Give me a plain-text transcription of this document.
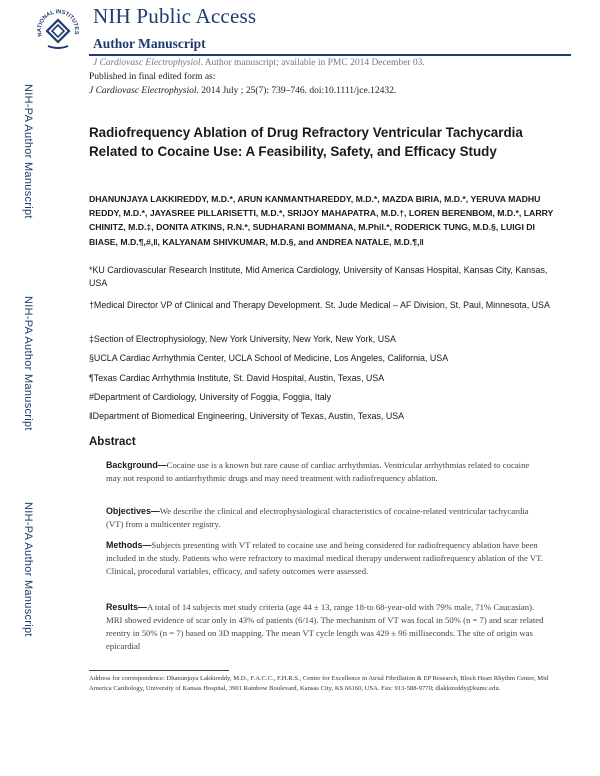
NATIONAL INSTITUTES
NIH Public Access
Author Manuscript
J Cardiovasc Electrophysiol. Author manuscript; available in PMC 2014 December 03.
Published in final edited form as:
J Cardiovasc Electrophysiol. 2014 July ; 25(7): 739–746. doi:10.1111/jce.12432.
NIH-PA Author Manuscript
NIH-PA Author Manuscript
NIH-PA Author Manuscript
Radiofrequency Ablation of Drug Refractory Ventricular Tachycardia Related to Cocaine Use: A Feasibility, Safety, and Efficacy Study
DHANUNJAYA LAKKIREDDY, M.D.*, ARUN KANMANTHAREDDY, M.D.*, MAZDA BIRIA, M.D.*, YERUVA MADHU REDDY, M.D.*, JAYASREE PILLARISETTI, M.D.*, SRIJOY MAHAPATRA, M.D.†, LOREN BERENBOM, M.D.*, LARRY CHINITZ, M.D.‡, DONITA ATKINS, R.N.*, SUDHARANI BOMMANA, M.Phil.*, RODERICK TUNG, M.D.§, LUIGI DI BIASE, M.D.¶,#,‖, KALYANAM SHIVKUMAR, M.D.§, and ANDREA NATALE, M.D.¶,‖
*KU Cardiovascular Research Institute, Mid America Cardiology, University of Kansas Hospital, Kansas City, Kansas, USA
†Medical Director VP of Clinical and Therapy Development. St. Jude Medical – AF Division, St. Paul, Minnesota, USA
‡Section of Electrophysiology, New York University, New York, New York, USA
§UCLA Cardiac Arrhythmia Center, UCLA School of Medicine, Los Angeles, California, USA
¶Texas Cardiac Arrhythmia Institute, St. David Hospital, Austin, Texas, USA
#Department of Cardiology, University of Foggia, Foggia, Italy
‖Department of Biomedical Engineering, University of Texas, Austin, Texas, USA
Abstract
Background—Cocaine use is a known but rare cause of cardiac arrhythmias. Ventricular arrhythmias related to cocaine may not respond to antiarrhythmic drugs and may need treatment with radiofrequency ablation.
Objectives—We describe the clinical and electrophysiological characteristics of cocaine-related ventricular tachycardia (VT) from a multicenter registry.
Methods—Subjects presenting with VT related to cocaine use and being considered for radiofrequency ablation have been included in the study. Patients who were refractory to maximal medical therapy underwent radiofrequency ablation of the VT. Clinical, procedural variables, efficacy, and safety outcomes were assessed.
Results—A total of 14 subjects met study criteria (age 44 ± 13, range 18-to 68-year-old with 79% male, 71% Caucasian). MRI showed evidence of scar only in 43% of patients (6/14). The mechanism of VT was focal in 50% (n = 7) and scar related reentry in 50% (n = 7) based on 3D mapping. The mean VT cycle length was 429 ± 96 milliseconds. The site of origin was epicardial
Address for correspondence: Dhanunjaya Lakkireddy, M.D., F.A.C.C., F.H.R.S., Center for Excellence in Atrial Fibrillation & EP Research, Bloch Heart Rhythm Center, Mid America Cardiology, University of Kansas Hospital, 3901 Rainbow Boulevard, Kansas City, KS 66160, USA. Fax: 913-588-9770; dlakkireddy@kumc.edu.
